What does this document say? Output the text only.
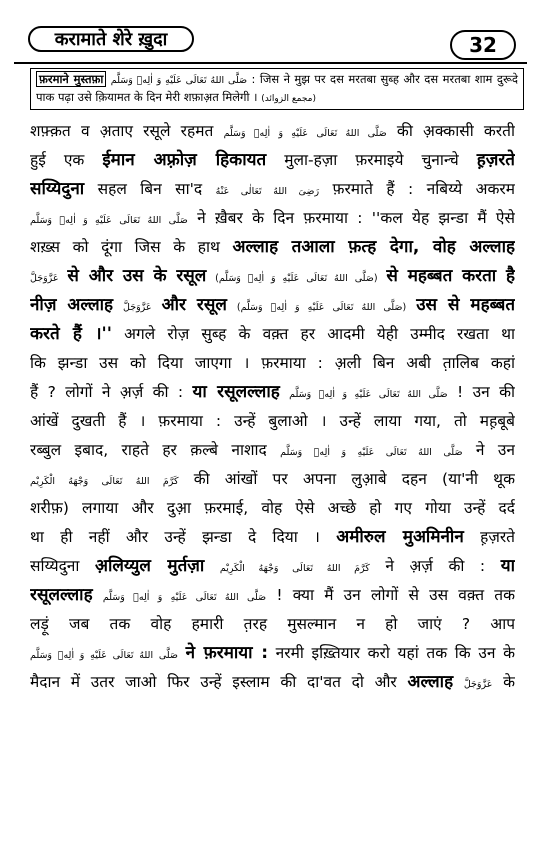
करामाते शेरे ख़ुदा	32
फ़रमाने मुस्तफ़ा صَلَّى اللهُ تَعَالَى عَلَيْهِ وَ اٰلِهٖ وَسَلَّم : जिस ने मुझ पर दस मरतबा सुब्ह और दस मरतबा शाम दुरूदे पाक पढ़ा उसे क़ियामत के दिन मेरी शफ़ाअ़त मिलेगी । (مجمع الزوائد)
शफ़्क़त व अ़ताए रसूले रहमत صَلَّى اللهُ تَعَالَى عَلَيْهِ وَ اٰلِهٖ وَسَلَّم की अ़क्कासी करती
हुई एक ईमान अफ़्रोज़ हिकायत मुला-हज़ा फ़रमाइये चुनान्चे ह़ज़रते
सय्यिदुना सहल बिन सा'द رَضِیَ اللهُ تَعَالٰی عَنْهُ फ़रमाते हैं : नबिय्ये अकरम
صَلَّى اللهُ تَعَالَى عَلَيْهِ وَ اٰلِهٖ وَسَلَّم ने ख़ैबर के दिन फ़रमाया : ''कल येह झन्डा मैं ऐसे
शख़्स को दूंगा जिस के हाथ अल्लाह तआला फ़त्ह देगा, वोह अल्लाह
عَزَّوَجَلَّ से और उस के रसूल (صَلَّى اللهُ تَعَالَى عَلَيْهِ وَ اٰلِهٖ وَسَلَّم) से महब्बत करता है
नीज़ अल्लाह عَزَّوَجَلَّ और रसूल (صَلَّى اللهُ تَعَالَى عَلَيْهِ وَ اٰلِهٖ وَسَلَّم) उस से महब्बत
करते हैं ।'' अगले रोज़ सुब्ह के वक़्त हर आदमी येही उम्मीद रखता था
कि झन्डा उस को दिया जाएगा । फ़रमाया : अ़ली बिन अबी त़ालिब कहां
हैं ? लोगों ने अ़र्ज़ की : या रसूलल्लाह صَلَّى اللهُ تَعَالَى عَلَيْهِ وَ اٰلِهٖ وَسَلَّم ! उन की
आंखें दुखती हैं । फ़रमाया : उन्हें बुलाओ । उन्हें लाया गया, तो मह़बूबे
रब्बुल इबाद, राहते हर क़ल्बे नाशाद صَلَّى اللهُ تَعَالَى عَلَيْهِ وَ اٰلِهٖ وَسَلَّم ने उन
كَرَّمَ اللهُ تَعَالَى وَجْهَهُ الْكَرِيْم की आंखों पर अपना लुआ़बे दहन (या'नी थूक
शरीफ़) लगाया और दुआ़ फ़रमाई, वोह ऐसे अच्छे हो गए गोया उन्हें दर्द
था ही नहीं और उन्हें झन्डा दे दिया । अमीरुल मुअमिनीन ह़ज़रते
सय्यिदुना अ़लिय्युल मुर्तज़ा كَرَّمَ اللهُ تَعَالَى وَجْهَهُ الْكَرِيْم ने अ़र्ज़ की : या
रसूलल्लाह صَلَّى اللهُ تَعَالَى عَلَيْهِ وَ اٰلِهٖ وَسَلَّم ! क्या मैं उन लोगों से उस वक़्त तक
लड़ूं जब तक वोह हमारी त़रह मुसल्मान न हो जाएं ? आप
صَلَّى اللهُ تَعَالَى عَلَيْهِ وَ اٰلِهٖ وَسَلَّم ने फ़रमाया : नरमी इख़्तियार करो यहां तक कि उन के
मैदान में उतर जाओ फिर उन्हें इस्लाम की दा'वत दो और अल्लाह عَزَّوَجَلَّ के
